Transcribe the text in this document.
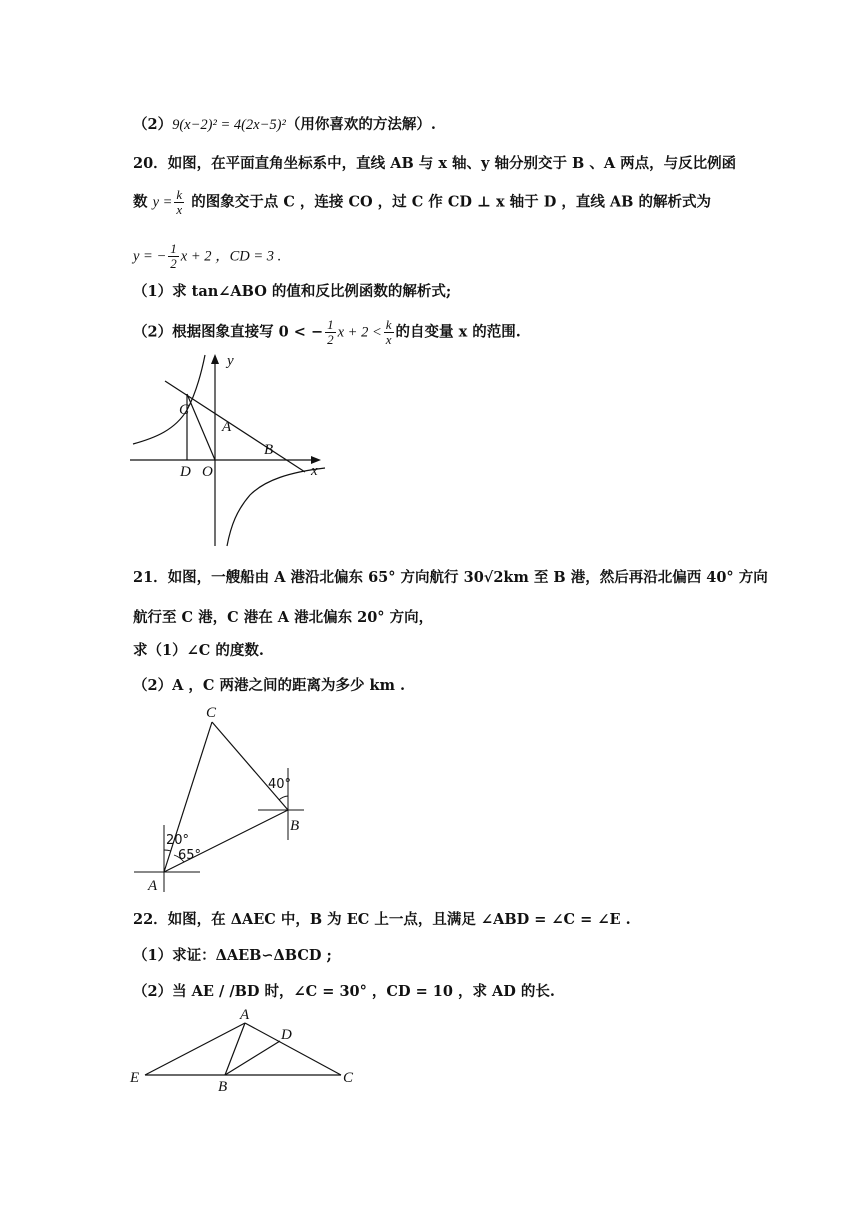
（2）9(x−2)² = 4(2x−5)²（用你喜欢的方法解）.
20．如图，在平面直角坐标系中，直线 AB 与 x 轴、y 轴分别交于 B 、A 两点，与反比例函
数 $y = \frac{k}{x}$ 的图象交于点 C ，连接 CO ，过 C 作 CD ⊥ x 轴于 D ，直线 AB 的解析式为
y = − $\frac{1}{2}$ x + 2 ，CD = 3 .
（1）求 tan∠ABO 的值和反比例函数的解析式;
（2）根据图象直接写 0 < − $\frac{1}{2}$ $x + 2 < \frac{k}{x}$ 的自变量 x 的范围.
y
x
C
A
B
D O
21．如图，一艘船由 A 港沿北偏东 65° 方向航行 30√2km 至 B 港，然后再沿北偏西 40° 方向
航行至 C 港，C 港在 A 港北偏东 20° 方向，
求（1）∠C 的度数.
（2）A ，C 两港之间的距离为多少 km .
C
B
A
40°
20°
65°
22．如图，在 ΔAEC 中，B 为 EC 上一点，且满足 ∠ABD = ∠C = ∠E .
（1）求证：ΔAEB∽ΔBCD ;
（2）当 AE / /BD 时，∠C = 30° ，CD = 10 ，求 AD 的长.
A
D
E
B
C
